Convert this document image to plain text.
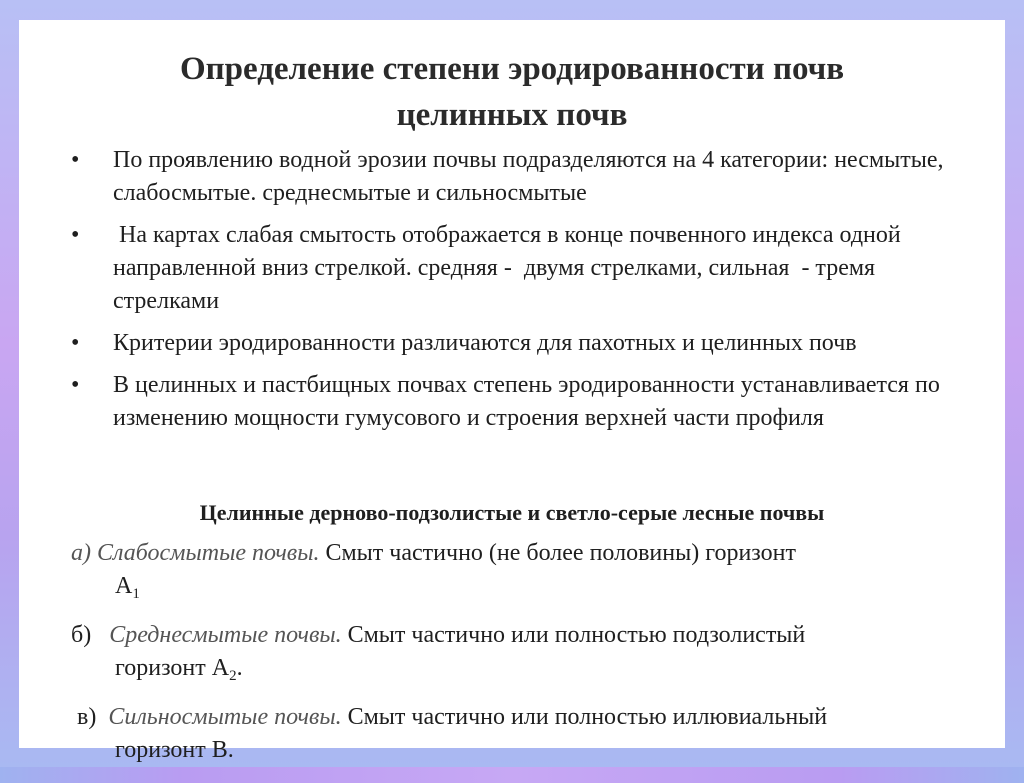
Определение степени эродированности почв
целинных почв
•	По проявлению водной эрозии почвы подразделяются на 4 категории: несмытые, слабосмытые. среднесмытые и сильносмытые
•	На картах слабая смытость отображается в конце почвенного индекса одной направленной вниз стрелкой. средняя -  двумя стрелками, сильная  - тремя стрелками
•	Критерии эродированности различаются для пахотных и целинных почв
•	В целинных и пастбищных почвах степень эродированности устанавливается по изменению мощности гумусового и строения верхней части профиля
Целинные дерново-подзолистые и светло-серые лесные почвы
а) Слабосмытые почвы. Смыт частично (не более половины) горизонт
$А_1$
б) Среднесмытые почвы. Смыт частично или полностью подзолистый
горизонт $А_2$.
в) Сильносмытые почвы. Смыт частично или полностью иллювиальный
горизонт В.
